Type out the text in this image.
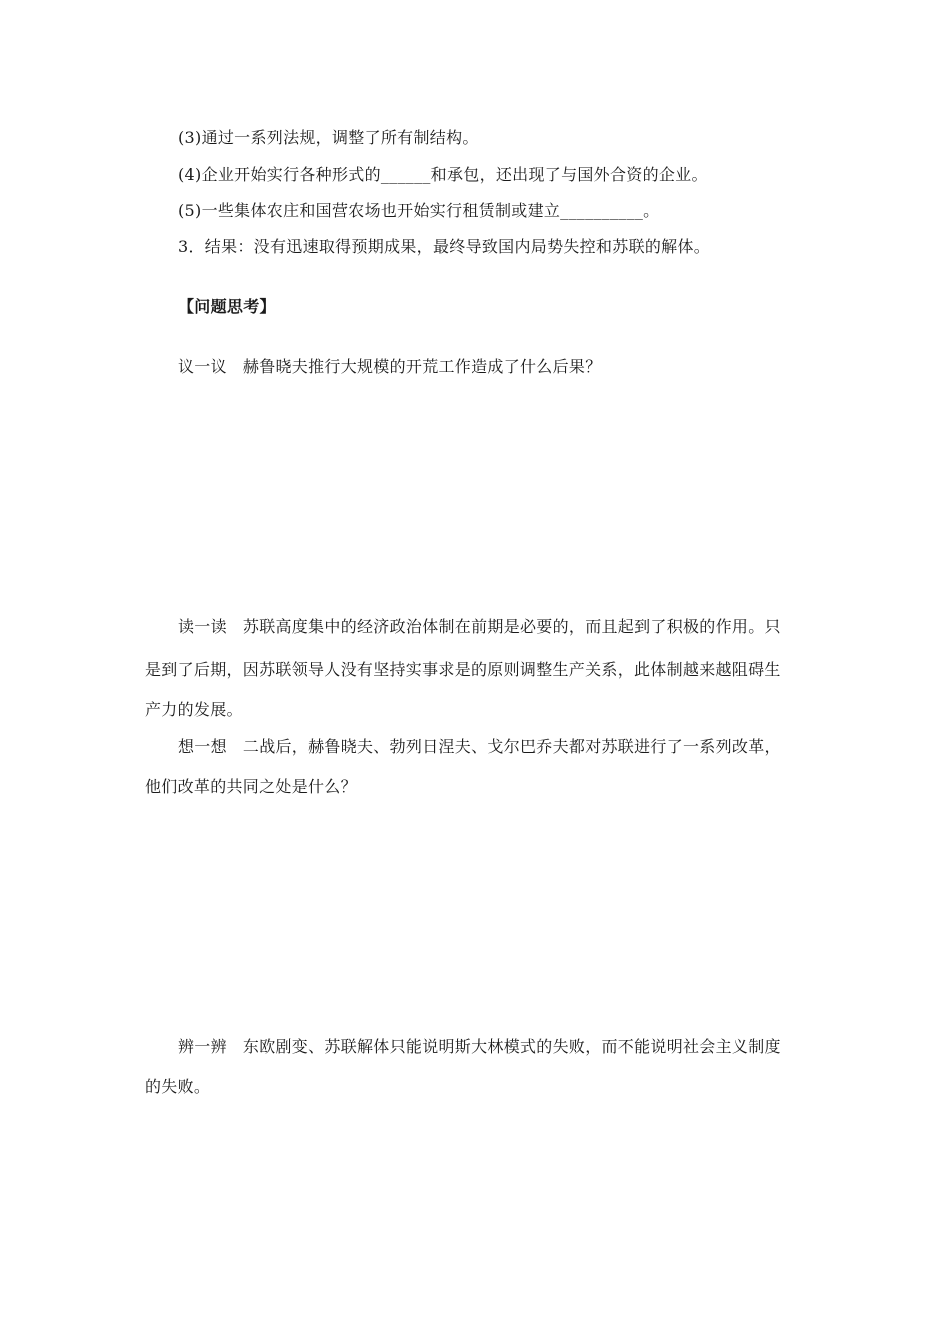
(3)通过一系列法规，调整了所有制结构。
(4)企业开始实行各种形式的______和承包，还出现了与国外合资的企业。
(5)一些集体农庄和国营农场也开始实行租赁制或建立__________。
3．结果：没有迅速取得预期成果，最终导致国内局势失控和苏联的解体。
【问题思考】
议一议 赫鲁晓夫推行大规模的开荒工作造成了什么后果？
读一读 苏联高度集中的经济政治体制在前期是必要的，而且起到了积极的作用。只
是到了后期，因苏联领导人没有坚持实事求是的原则调整生产关系，此体制越来越阻碍生
产力的发展。
想一想 二战后，赫鲁晓夫、勃列日涅夫、戈尔巴乔夫都对苏联进行了一系列改革，
他们改革的共同之处是什么？
辨一辨 东欧剧变、苏联解体只能说明斯大林模式的失败，而不能说明社会主义制度
的失败。
